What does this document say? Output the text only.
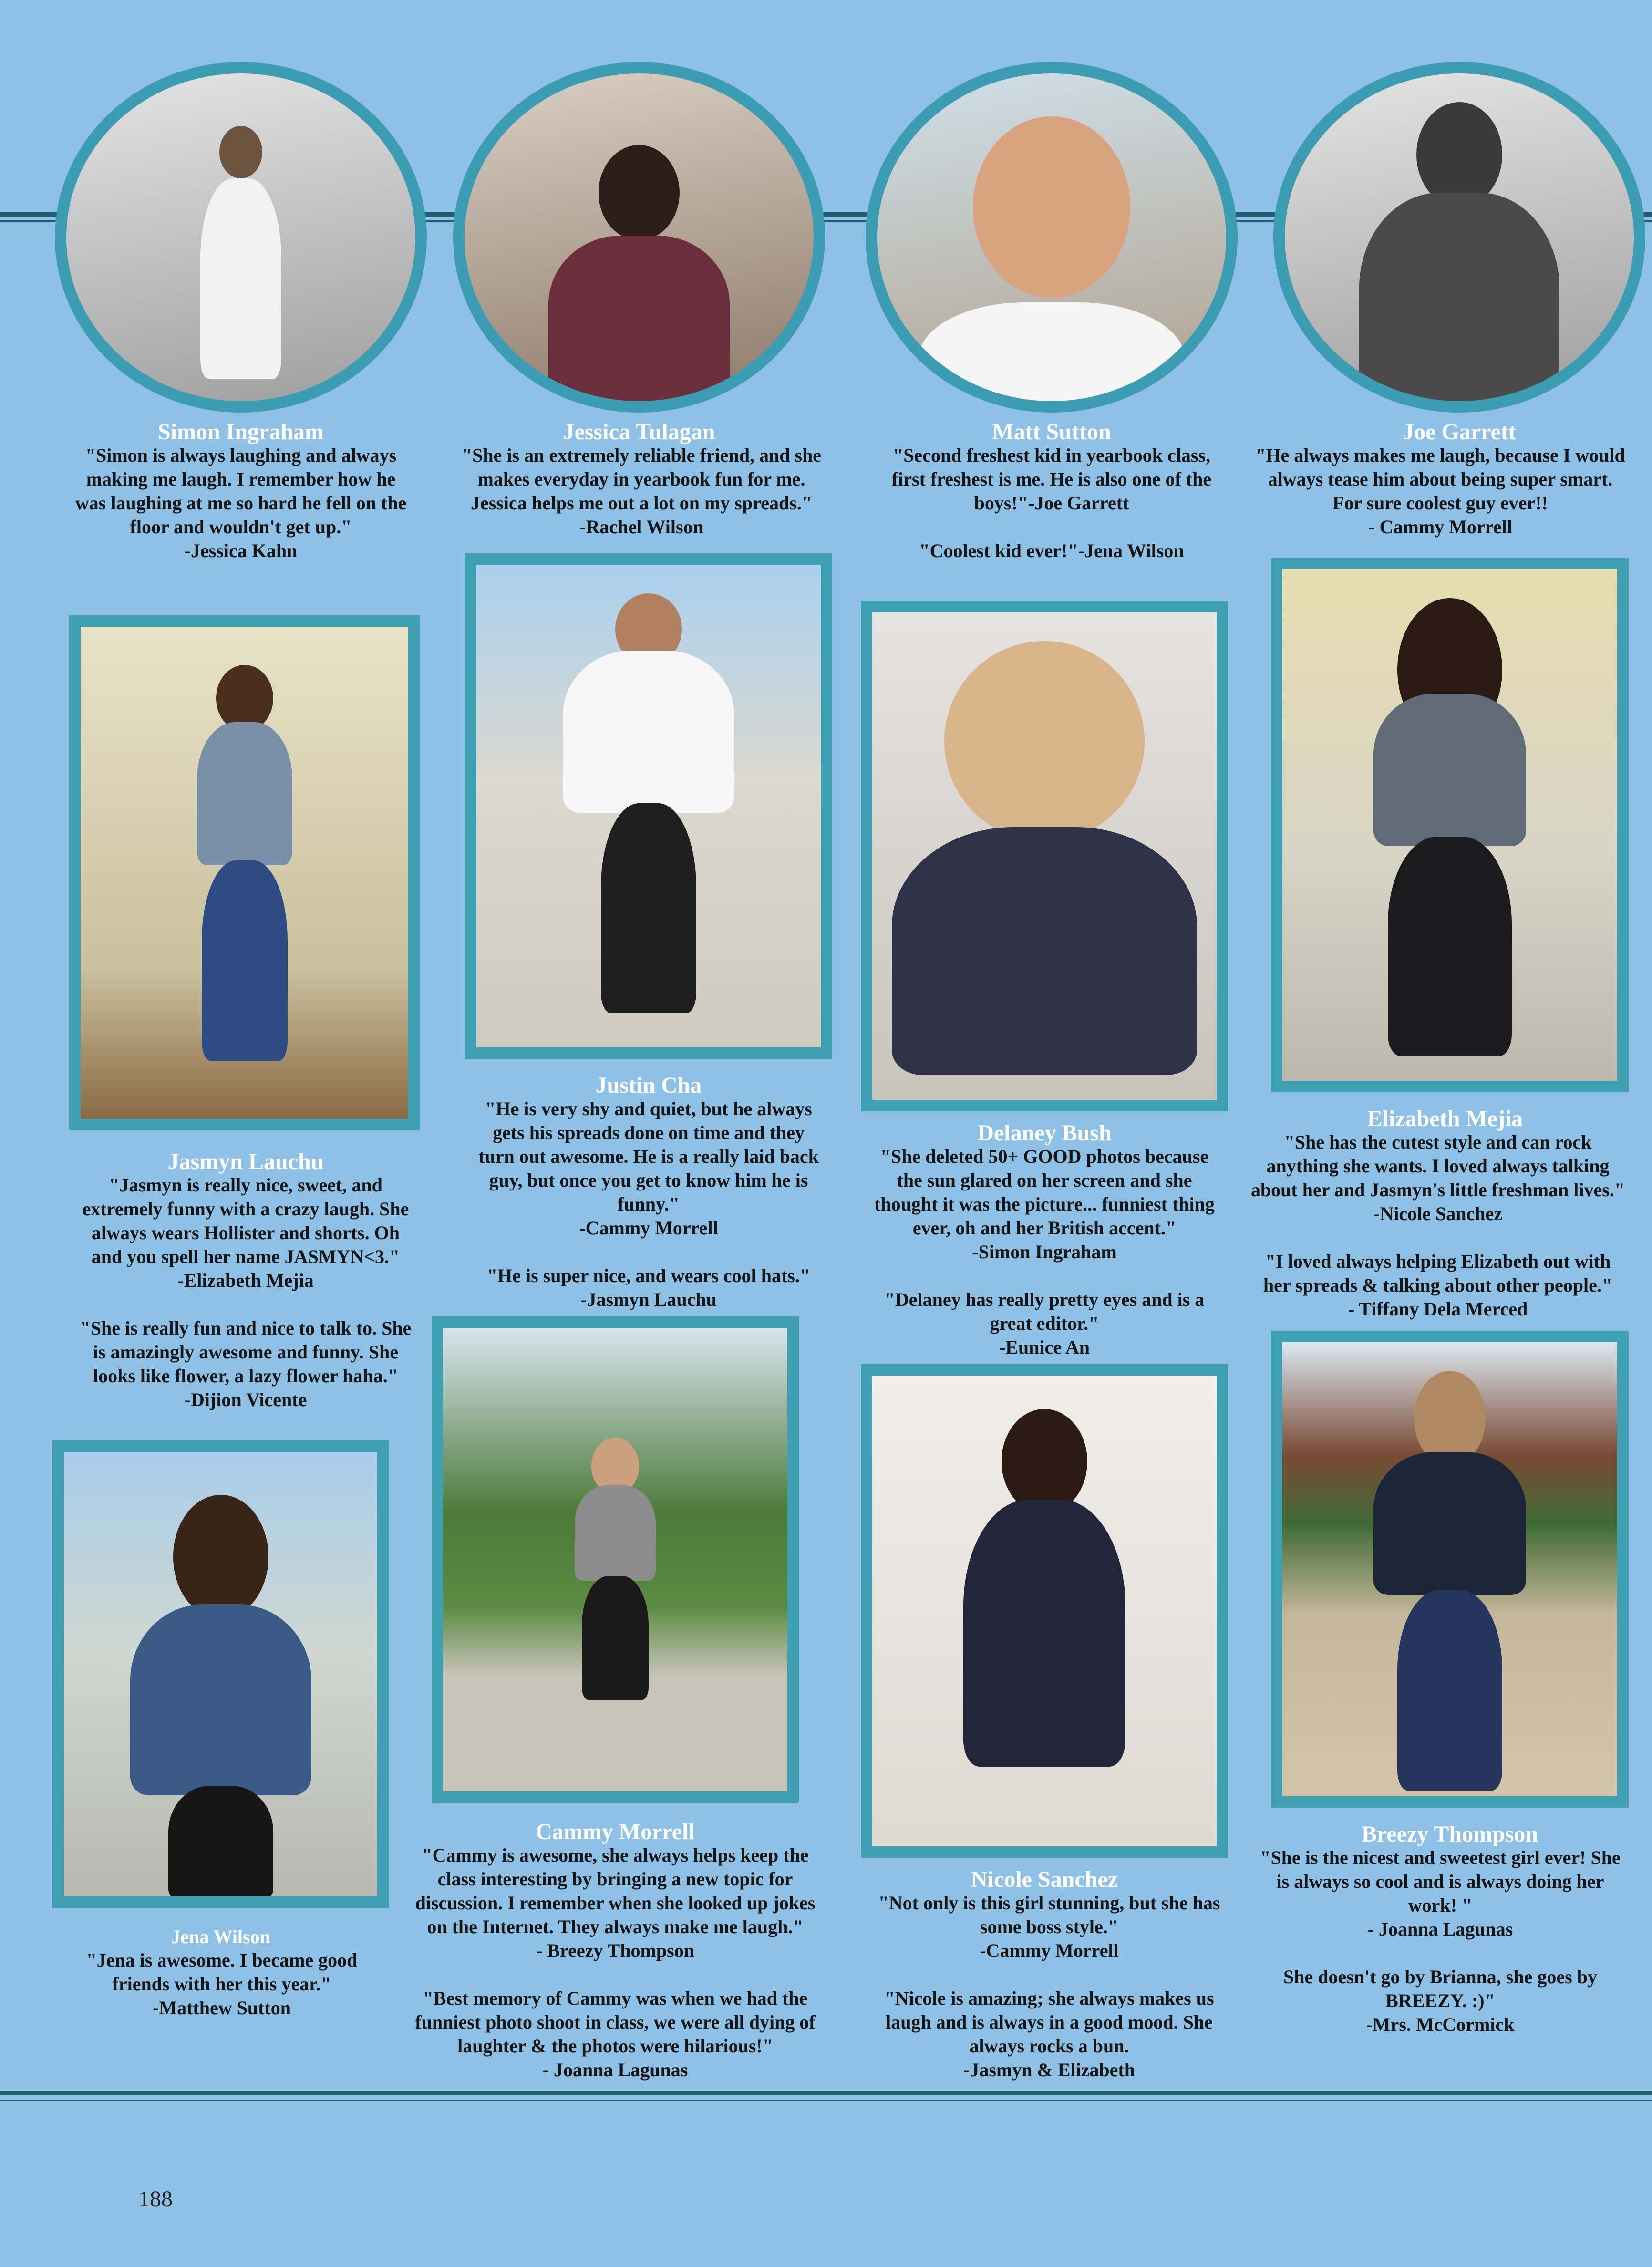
Simon Ingraham
"Simon is always laughing and always
making me laugh. I remember how he
was laughing at me so hard he fell on the
floor and wouldn't get up."
-Jessica Kahn
Jessica Tulagan
"She is an extremely reliable friend, and she
makes everyday in yearbook fun for me.
Jessica helps me out a lot on my spreads."
-Rachel Wilson
Matt Sutton
"Second freshest kid in yearbook class,
first freshest is me. He is also one of the
boys!"-Joe Garrett

"Coolest kid ever!"-Jena Wilson
Joe Garrett
"He always makes me laugh, because I would
always tease him about being super smart.
For sure coolest guy ever!!
- Cammy Morrell
Jasmyn Lauchu
"Jasmyn is really nice, sweet, and
extremely funny with a crazy laugh. She
always wears Hollister and shorts. Oh
and you spell her name JASMYN<3."
-Elizabeth Mejia

"She is really fun and nice to talk to. She
is amazingly awesome and funny. She
looks like flower, a lazy flower haha."
-Dijion Vicente
Justin Cha
"He is very shy and quiet, but he always
gets his spreads done on time and they
turn out awesome. He is a really laid back
guy, but once you get to know him he is
funny."
-Cammy Morrell

"He is super nice, and wears cool hats."
-Jasmyn Lauchu
Delaney Bush
"She deleted 50+ GOOD photos because
the sun glared on her screen and she
thought it was the picture... funniest thing
ever, oh and her British accent."
-Simon Ingraham

"Delaney has really pretty eyes and is a
great editor."
-Eunice An
Elizabeth Mejia
"She has the cutest style and can rock
anything she wants. I loved always talking
about her and Jasmyn's little freshman lives."
-Nicole Sanchez

"I loved always helping Elizabeth out with
her spreads & talking about other people."
- Tiffany Dela Merced
Jena Wilson
"Jena is awesome. I became good
friends with her this year."
-Matthew Sutton
Cammy Morrell
"Cammy is awesome, she always helps keep the
class interesting by bringing a new topic for
discussion. I remember when she looked up jokes
on the Internet. They always make me laugh."
- Breezy Thompson

"Best memory of Cammy was when we had the
funniest photo shoot in class, we were all dying of
laughter & the photos were hilarious!"
- Joanna Lagunas
Nicole Sanchez
"Not only is this girl stunning, but she has
some boss style."
-Cammy Morrell

"Nicole is amazing; she always makes us
laugh and is always in a good mood. She
always rocks a bun.
-Jasmyn & Elizabeth
Breezy Thompson
"She is the nicest and sweetest girl ever! She
is always so cool and is always doing her
work! "
- Joanna Lagunas

She doesn't go by Brianna, she goes by
BREEZY. :)"
-Mrs. McCormick
188
